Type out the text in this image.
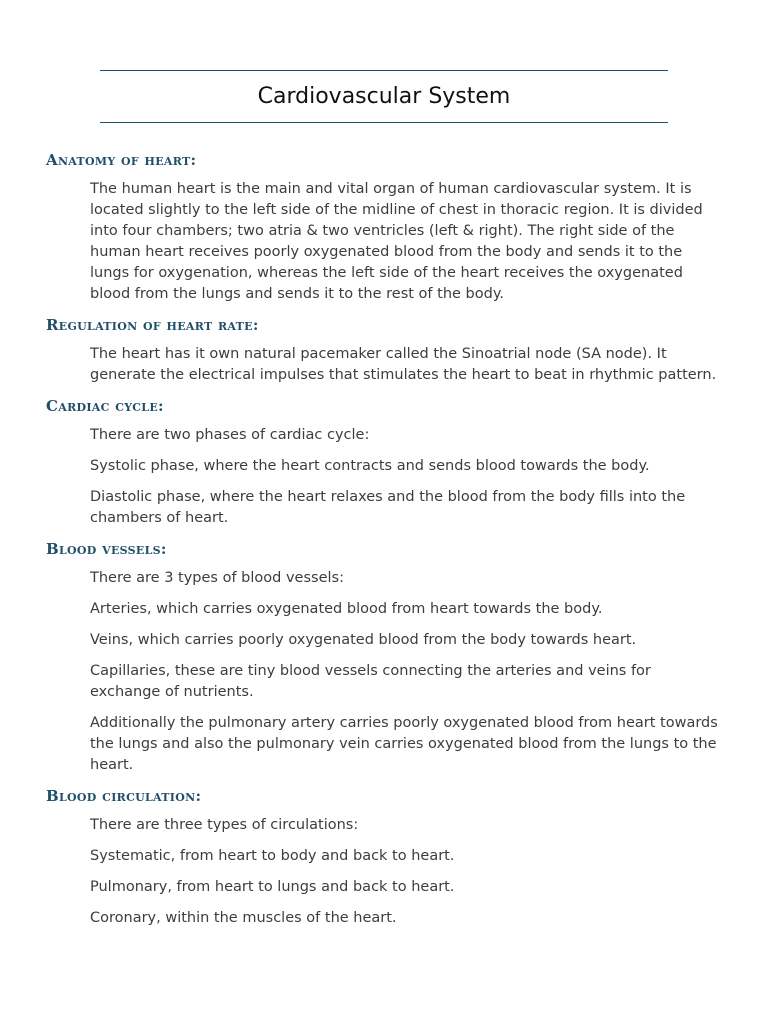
Cardiovascular System
Anatomy of heart:

The human heart is the main and vital organ of human cardiovascular system. It is located slightly to the left side of the midline of chest in thoracic region. It is divided into four chambers; two atria & two ventricles (left & right). The right side of the human heart receives poorly oxygenated blood from the body and sends it to the lungs for oxygenation, whereas the left side of the heart receives the oxygenated blood from the lungs and sends it to the rest of the body.

Regulation of heart rate:

The heart has it own natural pacemaker called the Sinoatrial node (SA node). It generate the electrical impulses that stimulates the heart to beat in rhythmic pattern.

Cardiac cycle:

There are two phases of cardiac cycle:

Systolic phase, where the heart contracts and sends blood towards the body.

Diastolic phase, where the heart relaxes and the blood from the body fills into the chambers of heart.

Blood vessels:

There are 3 types of blood vessels:

Arteries, which carries oxygenated blood from heart towards the body.

Veins, which carries poorly oxygenated blood from the body towards heart.

Capillaries, these are tiny blood vessels connecting the arteries and veins for exchange of nutrients.

Additionally the pulmonary artery carries poorly oxygenated blood from heart towards the lungs and also the pulmonary vein carries oxygenated blood from the lungs to the heart.

Blood circulation:

There are three types of circulations:

Systematic, from heart to body and back to heart.

Pulmonary, from heart to lungs and back to heart.

Coronary, within the muscles of the heart.
